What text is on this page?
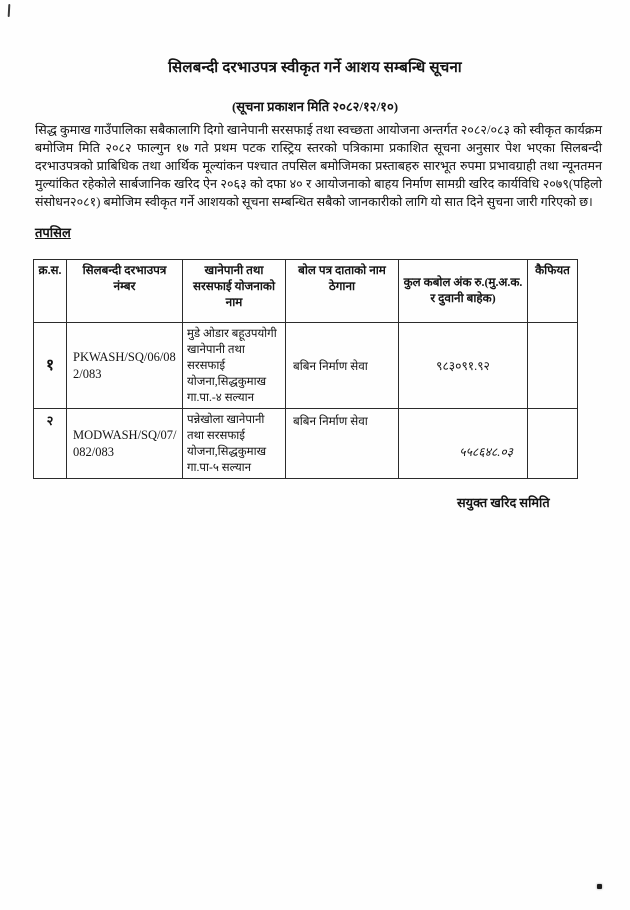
सिलबन्दी दरभाउपत्र स्वीकृत गर्ने आशय सम्बन्धि सूचना
(सूचना प्रकाशन मिति २०८२/१२/१०)
सिद्ध कुमाख गाउँपालिका सबैकालागि दिगो खानेपानी सरसफाई तथा स्वच्छता आयोजना अन्तर्गत २०८२/०८३ को स्वीकृत कार्यक्रम बमोजिम मिति २०८२ फाल्गुन १७ गते प्रथम पटक रास्ट्रिय स्तरको पत्रिकामा प्रकाशित सूचना अनुसार पेश भएका सिलबन्दी दरभाउपत्रको प्राबिधिक तथा आर्थिक मूल्यांकन पश्चात तपसिल बमोजिमका प्रस्ताबहरु सारभूत रुपमा प्रभावग्राही तथा न्यूनतमन मुल्यांकित रहेकोले सार्बजानिक खरिद ऐन २०६३ को दफा ४० र आयोजनाको बाहय निर्माण सामग्री खरिद कार्यविधि २०७९(पहिलो संसोधन२०८१) बमोजिम स्वीकृत गर्ने आशयको सूचना सम्बन्धित सबैको जानकारीको लागि यो सात दिने सुचना जारी गरिएको छ।
तपसिल
क्र.स.	सिलबन्दी दरभाउपत्र नंम्बर	खानेपानी तथा सरसफाई योजनाको नाम	बोल पत्र दाताको नाम ठेगाना	कुल कबोल अंक रु.(मु.अ.क. र दुवानी बाहेक)	कैफियत
१	PKWASH/SQ/06/082/083	मुडे ओडार बहूउपयोगी खानेपानी तथा सरसफाई योजना,सिद्धकुमाख गा.पा.-४ सल्यान	बबिन निर्माण सेवा	९८३०९१.९२	
२	MODWASH/SQ/07/082/083	पन्नेखोला खानेपानी तथा सरसफाई योजना,सिद्धकुमाख गा.पा-५ सल्यान	बबिन निर्माण सेवा	५५८६४८.०३	
सयुक्त खरिद समिति
